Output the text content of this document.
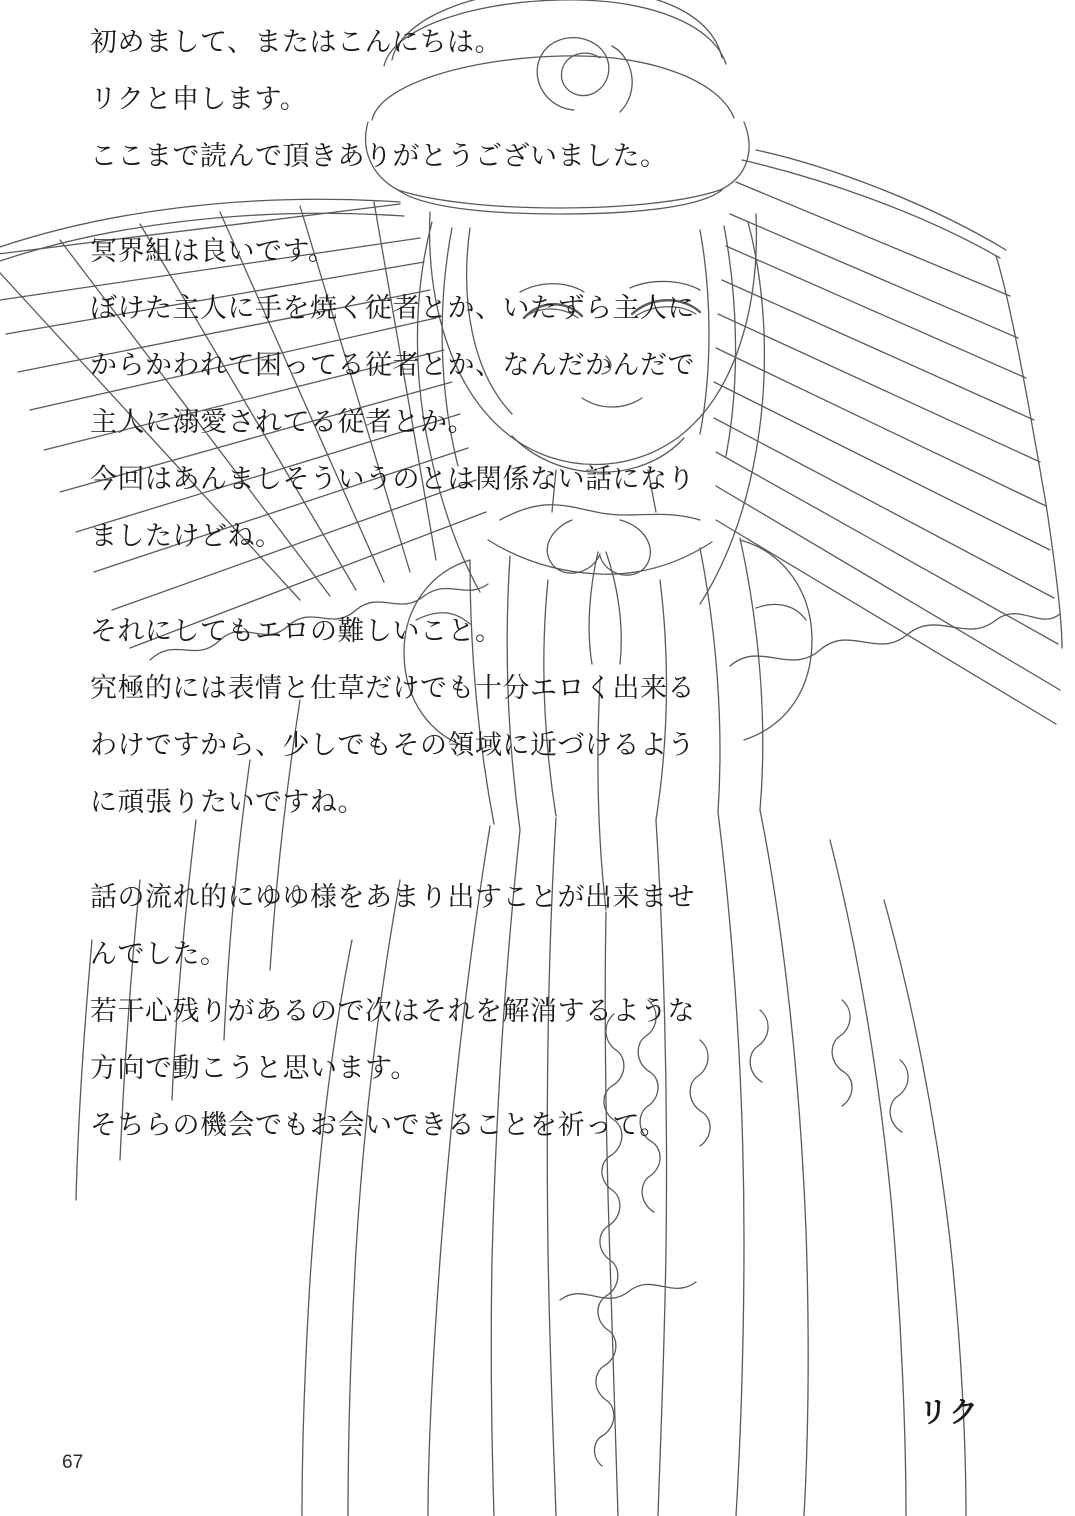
初めまして、またはこんにちは。
リクと申します。
ここまで読んで頂きありがとうございました。
冥界組は良いです。
ぼけた主人に手を焼く従者とか、いたずら主人に
からかわれて困ってる従者とか、なんだかんだで
主人に溺愛されてる従者とか。
今回はあんましそういうのとは関係ない話になり
ましたけどね。
それにしてもエロの難しいこと。
究極的には表情と仕草だけでも十分エロく出来る
わけですから、少しでもその領域に近づけるよう
に頑張りたいですね。
話の流れ的にゆゆ様をあまり出すことが出来ませ
んでした。
若干心残りがあるので次はそれを解消するような
方向で動こうと思います。
そちらの機会でもお会いできることを祈って。
リク
67
